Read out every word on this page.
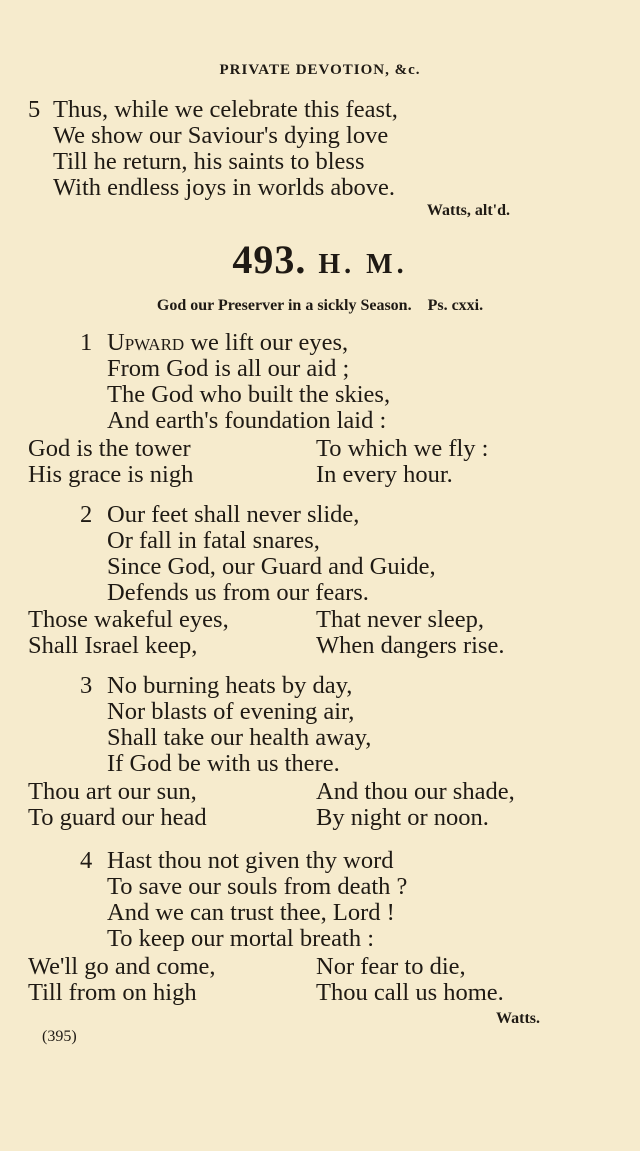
PRIVATE DEVOTION, &c.
5 Thus, while we celebrate this feast,
We show our Saviour's dying love
Till he return, his saints to bless
With endless joys in worlds above.
Watts, alt'd.
493. H. M.
God our Preserver in a sickly Season. Ps. cxxi.
1 Upward we lift our eyes,
From God is all our aid ;
The God who built the skies,
And earth's foundation laid :
God is the tower	To which we fly :
His grace is nigh	In every hour.
2 Our feet shall never slide,
Or fall in fatal snares,
Since God, our Guard and Guide,
Defends us from our fears.
Those wakeful eyes,	That never sleep,
Shall Israel keep,	When dangers rise.
3 No burning heats by day,
Nor blasts of evening air,
Shall take our health away,
If God be with us there.
Thou art our sun,	And thou our shade,
To guard our head	By night or noon.
4 Hast thou not given thy word
To save our souls from death ?
And we can trust thee, Lord !
To keep our mortal breath :
We'll go and come,	Nor fear to die,
Till from on high	Thou call us home.
Watts.
(395)
